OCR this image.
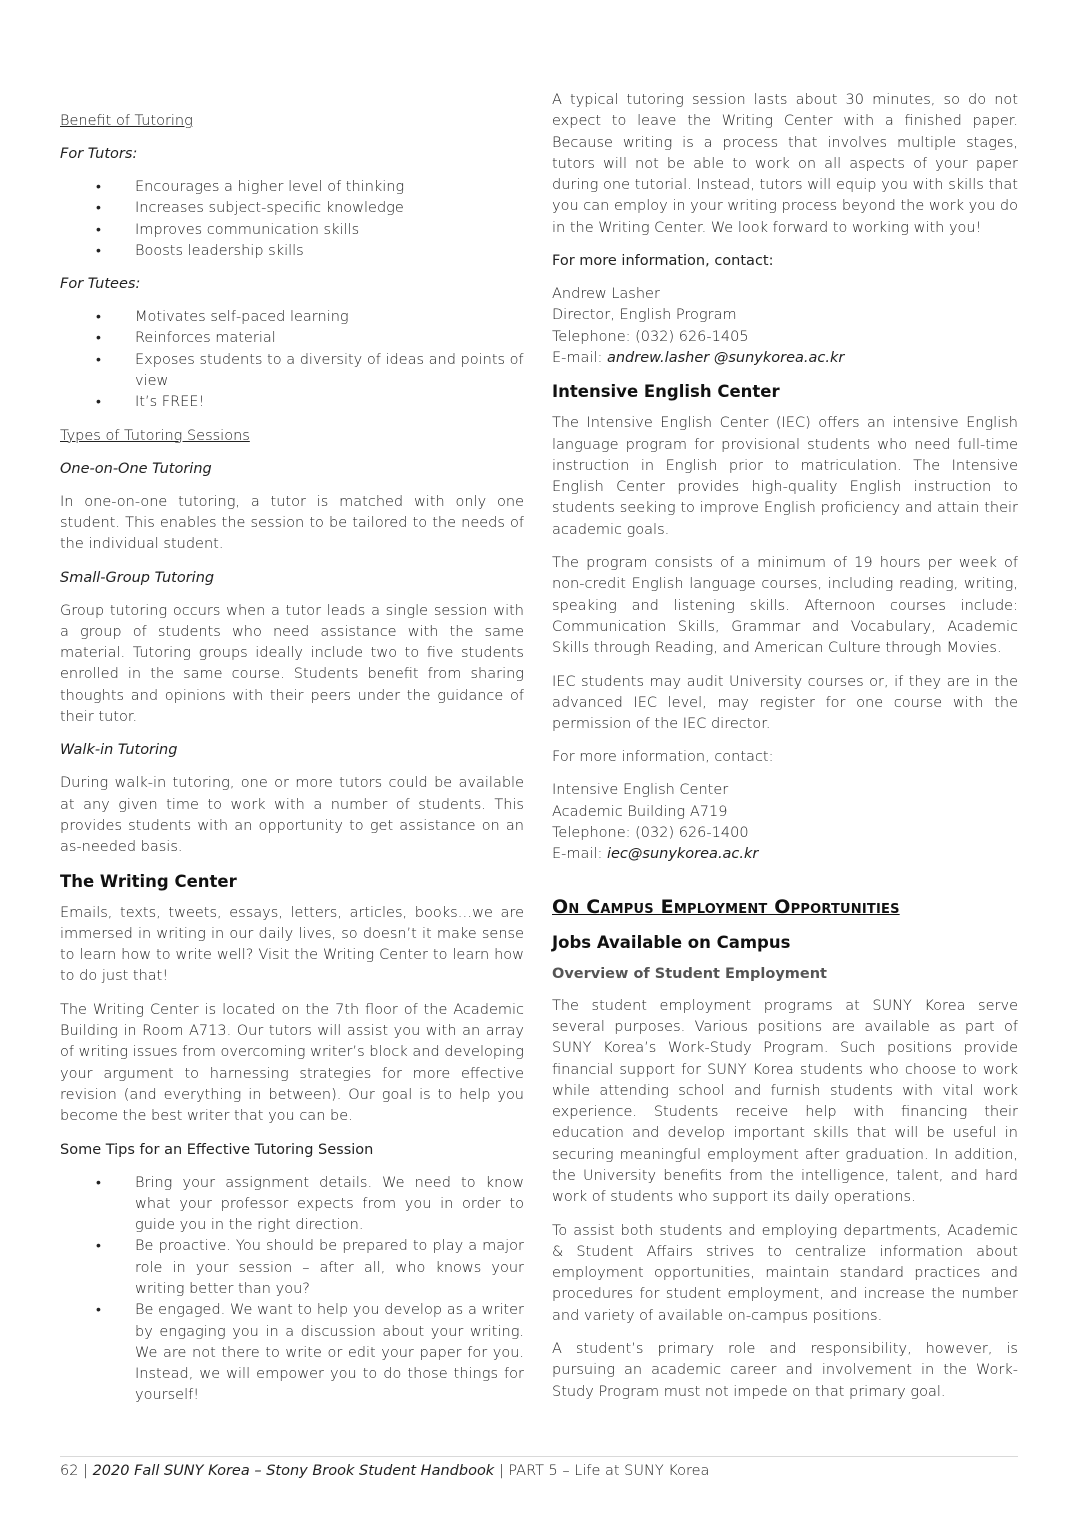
Benefit of Tutoring
For Tutors:
• Encourages a higher level of thinking
• Increases subject-specific knowledge
• Improves communication skills
• Boosts leadership skills
For Tutees:
• Motivates self-paced learning
• Reinforces material
• Exposes students to a diversity of ideas and points of view
• It’s FREE!
Types of Tutoring Sessions
One-on-One Tutoring

In one-on-one tutoring, a tutor is matched with only one student. This enables the session to be tailored to the needs of the individual student.

Small-Group Tutoring

Group tutoring occurs when a tutor leads a single session with a group of students who need assistance with the same material. Tutoring groups ideally include two to five students enrolled in the same course. Students benefit from sharing thoughts and opinions with their peers under the guidance of their tutor.

Walk-in Tutoring

During walk-in tutoring, one or more tutors could be available at any given time to work with a number of students. This provides students with an opportunity to get assistance on an as-needed basis.

The Writing Center

Emails, texts, tweets, essays, letters, articles, books…we are immersed in writing in our daily lives, so doesn’t it make sense to learn how to write well? Visit the Writing Center to learn how to do just that!

The Writing Center is located on the 7th floor of the Academic Building in Room A713. Our tutors will assist you with an array of writing issues from overcoming writer’s block and developing your argument to harnessing strategies for more effective revision (and everything in between). Our goal is to help you become the best writer that you can be.

Some Tips for an Effective Tutoring Session
• Bring your assignment details. We need to know what your professor expects from you in order to guide you in the right direction.
• Be proactive. You should be prepared to play a major role in your session – after all, who knows your writing better than you?
• Be engaged. We want to help you develop as a writer by engaging you in a discussion about your writing. We are not there to write or edit your paper for you. Instead, we will empower you to do those things for yourself!

A typical tutoring session lasts about 30 minutes, so do not expect to leave the Writing Center with a finished paper. Because writing is a process that involves multiple stages, tutors will not be able to work on all aspects of your paper during one tutorial. Instead, tutors will equip you with skills that you can employ in your writing process beyond the work you do in the Writing Center. We look forward to working with you!

For more information, contact:
Andrew Lasher
Director, English Program
Telephone: (032) 626-1405
E-mail: andrew.lasher @sunykorea.ac.kr
Intensive English Center

The Intensive English Center (IEC) offers an intensive English language program for provisional students who need full-time instruction in English prior to matriculation. The Intensive English Center provides high-quality English instruction to students seeking to improve English proficiency and attain their academic goals.

The program consists of a minimum of 19 hours per week of non-credit English language courses, including reading, writing, speaking and listening skills. Afternoon courses include: Communication Skills, Grammar and Vocabulary, Academic Skills through Reading, and American Culture through Movies.

IEC students may audit University courses or, if they are in the advanced IEC level, may register for one course with the permission of the IEC director.

For more information, contact:
Intensive English Center
Academic Building A719
Telephone: (032) 626-1400
E-mail: iec@sunykorea.ac.kr
On Campus Employment Opportunities
Jobs Available on Campus
Overview of Student Employment

The student employment programs at SUNY Korea serve several purposes. Various positions are available as part of SUNY Korea’s Work-Study Program. Such positions provide financial support for SUNY Korea students who choose to work while attending school and furnish students with vital work experience. Students receive help with financing their education and develop important skills that will be useful in securing meaningful employment after graduation. In addition, the University benefits from the intelligence, talent, and hard work of students who support its daily operations.

To assist both students and employing departments, Academic & Student Affairs strives to centralize information about employment opportunities, maintain standard practices and procedures for student employment, and increase the number and variety of available on-campus positions.

A student’s primary role and responsibility, however, is pursuing an academic career and involvement in the Work-Study Program must not impede on that primary goal.

62 | 2020 Fall SUNY Korea – Stony Brook Student Handbook | PART 5 – Life at SUNY Korea
